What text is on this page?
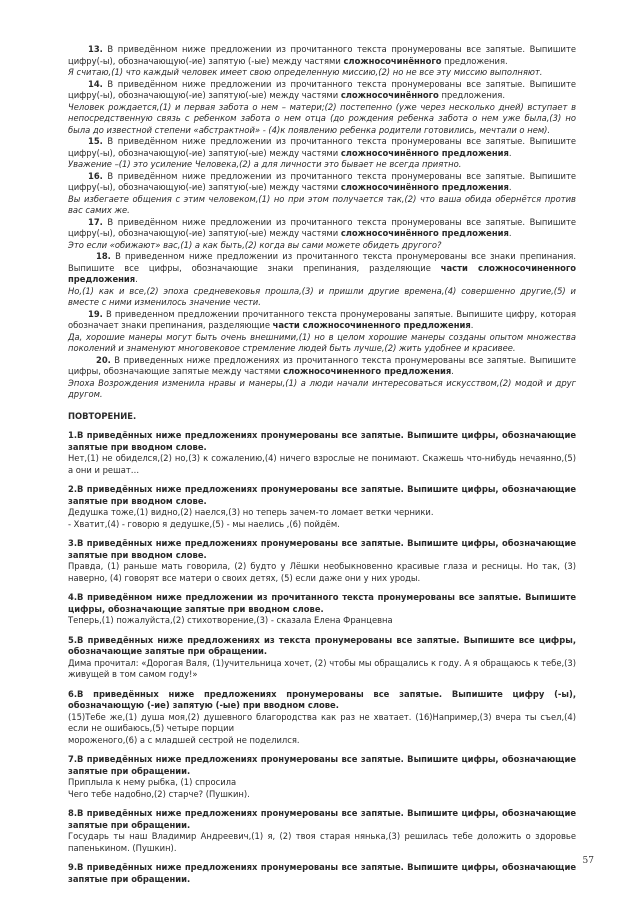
13. В приведённом ниже предложении из прочитанного текста пронумерованы все запятые. Выпишите цифру(-ы), обозначающую(-ие) запятую (-ые) между частями сложносочинённого предложения.

Я считаю,(1) что каждый человек имеет свою определенную миссию,(2) но не все эту миссию выполняют.

14. В приведённом ниже предложении из прочитанного текста пронумерованы все запятые. Выпишите цифру(-ы), обозначающую(-ие) запятую(-ые) между частями сложносочинённого предложения.

Человек рождается,(1) и первая забота о нем – матери;(2) постепенно (уже через несколько дней) вступает в непосредственную связь с ребенком забота о нем отца (до рождения ребенка забота о нем уже была,(3) но была до известной степени «абстрактной» - (4)к появлению ребенка родители готовились, мечтали о нем).

15. В приведённом ниже предложении из прочитанного текста пронумерованы все запятые. Выпишите цифру(-ы), обозначающую(-ие) запятую(-ые) между частями сложносочинённого предложения.

Уважение –(1) это усиление Человека,(2) а для личности это бывает не всегда приятно.

16. В приведённом ниже предложении из прочитанного текста пронумерованы все запятые. Выпишите цифру(-ы), обозначающую(-ие) запятую(-ые) между частями сложносочинённого предложения.

Вы избегаете общения с этим человеком,(1) но при этом получается так,(2) что ваша обида обернётся против вас самих же.

17. В приведённом ниже предложении из прочитанного текста пронумерованы все запятые. Выпишите цифру(-ы), обозначающую(-ие) запятую(-ые) между частями сложносочинённого предложения.

Это если «обижают» вас,(1) а как быть,(2) когда вы сами можете обидеть другого?

18. В приведенном ниже предложении из прочитанного текста пронумерованы все знаки препинания. Выпишите все цифры, обозначающие знаки препинания, разделяющие части сложносочиненного предложения.

Но,(1) как и все,(2) эпоха средневековья прошла,(3) и пришли другие времена,(4) совершенно другие,(5) и вместе с ними изменилось значение чести.

19. В приведенном предложении прочитанного текста пронумерованы запятые. Выпишите цифру, которая обозначает знаки препинания, разделяющие части сложносочиненного предложения.

Да, хорошие манеры могут быть очень внешними,(1) но в целом хорошие манеры созданы опытом множества поколений и знаменуют многовековое стремление людей быть лучше,(2) жить удобнее и красивее.

20. В приведенных ниже предложениях из прочитанного текста пронумерованы все запятые. Выпишите цифры, обозначающие запятые между частями сложносочиненного предложения.

Эпоха Возрождения изменила нравы и манеры,(1) а люди начали интересоваться искусством,(2) модой и друг другом.

ПОВТОРЕНИЕ.

1.В приведённых ниже предложениях пронумерованы все запятые. Выпишите цифры, обозначающие запятые при вводном слове.

Нет,(1) не обиделся,(2) но,(3) к сожалению,(4) ничего взрослые не понимают. Скажешь что-нибудь нечаянно,(5) а они и решат…

2.В приведённых ниже предложениях пронумерованы все запятые. Выпишите цифры, обозначающие запятые при вводном слове.

Дедушка тоже,(1) видно,(2) наелся,(3) но теперь зачем-то ломает ветки черники.

- Хватит,(4) - говорю я дедушке,(5) - мы наелись ,(6) пойдём.

3.В приведённых ниже предложениях пронумерованы все запятые. Выпишите цифры, обозначающие запятые при вводном слове.

Правда, (1) раньше мать говорила, (2) будто у Лёшки необыкновенно красивые глаза и ресницы. Но так, (3) наверно, (4) говорят все матери о своих детях, (5) если даже они у них уроды.

4.В приведённом ниже предложении из прочитанного текста пронумерованы все запятые. Выпишите цифры, обозначающие запятые при вводном слове.

Теперь,(1) пожалуйста,(2) стихотворение,(3) - сказала Елена Францевна

5.В приведённых ниже предложениях из текста пронумерованы все запятые. Выпишите все цифры, обозначающие запятые при обращении.

Дима прочитал: «Дорогая Валя, (1)учительница хочет, (2) чтобы мы обращались к году. А я обращаюсь к тебе,(3) живущей в том самом году!»

6.В приведённых ниже предложениях пронумерованы все запятые. Выпишите цифру (-ы), обозначающую (-ие) запятую (-ые) при вводном слове.

(15)Тебе же,(1) душа моя,(2) душевного благородства как раз не хватает. (16)Например,(3) вчера ты съел,(4) если не ошибаюсь,(5) четыре порции

мороженого,(6) а с младшей сестрой не поделился.

7.В приведённых ниже предложениях пронумерованы все запятые. Выпишите цифры, обозначающие запятые при обращении.

Приплыла к нему рыбка, (1) спросила

Чего тебе надобно,(2) старче? (Пушкин).

8.В приведённых ниже предложениях пронумерованы все запятые. Выпишите цифры, обозначающие запятые при обращении.

Государь ты наш Владимир Андреевич,(1) я, (2) твоя старая нянька,(3) решилась тебе доложить о здоровье папенькином. (Пушкин).

9.В приведённых ниже предложениях пронумерованы все запятые. Выпишите цифры, обозначающие запятые при обращении.

57
